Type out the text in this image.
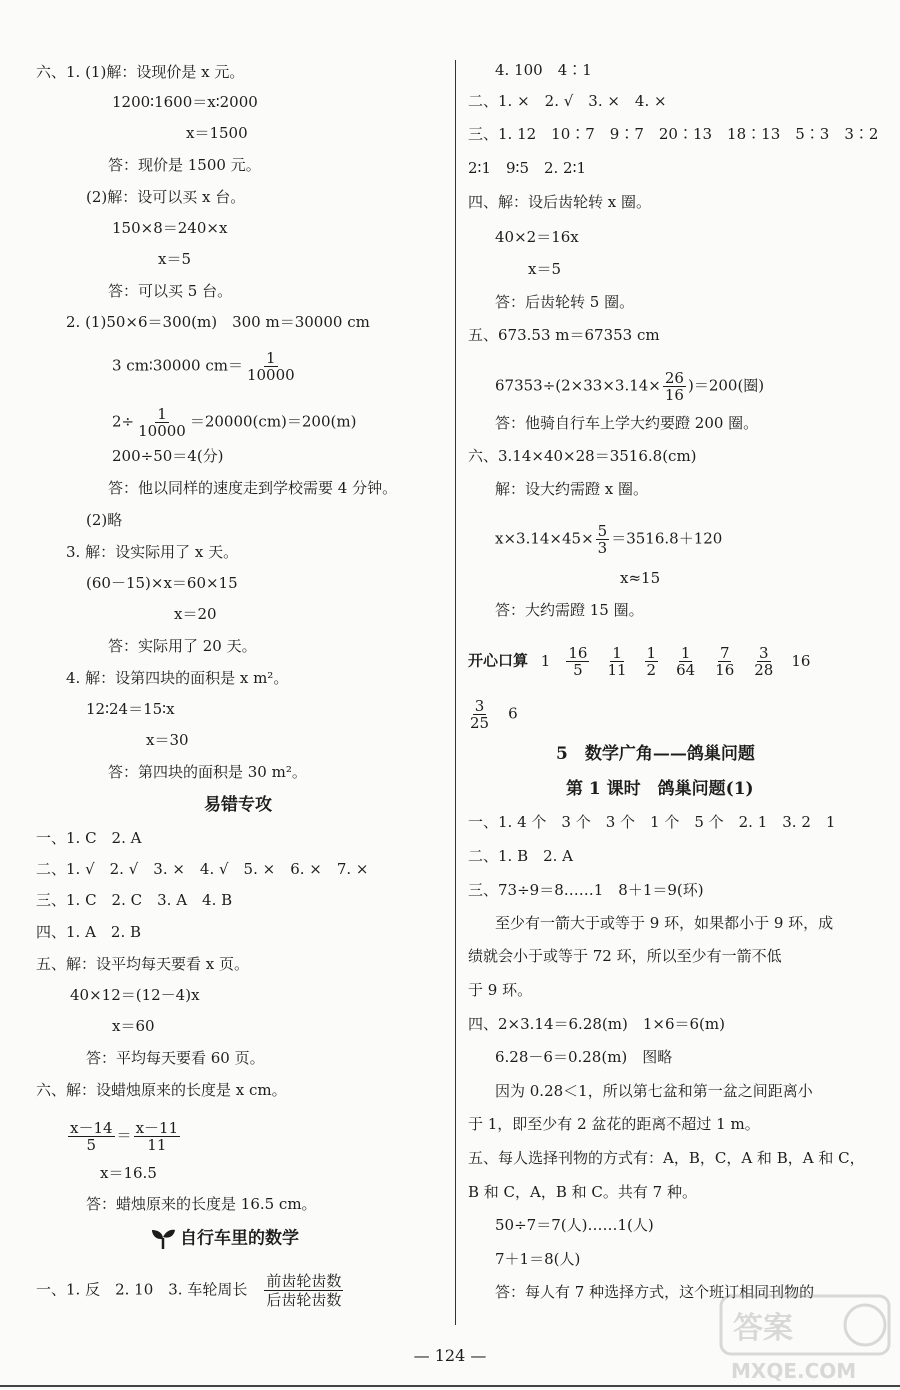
六、1. (1)解：设现价是 x 元。
1200∶1600＝x∶2000
x＝1500
答：现价是 1500 元。
(2)解：设可以买 x 台。
150×8＝240×x
x＝5
答：可以买 5 台。
2. (1)50×6＝300(m)　300 m＝30000 cm
3 cm∶30000 $cm= \frac{1}{10000}$
$2\div \frac{1}{10000} =20000(cm)=200(m)$
200÷50＝4(分)
答：他以同样的速度走到学校需要 4 分钟。
(2)略
3. 解：设实际用了 x 天。
(60－15)×x＝60×15
x＝20
答：实际用了 20 天。
4. 解：设第四块的面积是 x m²。
12∶24＝15∶x
x＝30
答：第四块的面积是 30 m²。
易错专攻
一、1. C　2. A
二、1. √　2. √　3. ×　4. √　5. ×　6. ×　7. ×
三、1. C　2. C　3. A　4. B
四、1. A　2. B
五、解：设平均每天要看 x 页。
40×12＝(12－4)x
x＝60
答：平均每天要看 60 页。
六、解：设蜡烛原来的长度是 x cm。
$\frac{x-14}{5} = \frac{x-11}{11}$
x＝16.5
答：蜡烛原来的长度是 16.5 cm。
自行车里的数学
一、1. 反　2. 10　3. 车轮周长　 $\frac{\text{前齿轮齿数}}{\text{后齿轮齿数}}$
4. 100　4∶1
二、1. ×　2. √　3. ×　4. ×
三、1. 12　10∶7　9∶7　20∶13　18∶13　5∶3　3∶2
2∶1　9∶5　2. 2∶1
四、解：设后齿轮转 x 圈。
40×2＝16x
x＝5
答：后齿轮转 5 圈。
五、673.53 m＝67353 cm
$67353\div(2\times 33\times 3.14\times \frac{26}{16} )=200$(圈)
答：他骑自行车上学大约要蹬 200 圈。
六、3.14×40×28＝3516.8(cm)
解：设大约需蹬 x 圈。
$x\times 3.14\times 45\times \frac{5}{3} =3516.8+120$
x≈15
答：大约需蹬 15 圈。
开心口算 $1 \frac{16}{5} \frac{1}{11} \frac{1}{2} \frac{1}{64} \frac{7}{16} \frac{3}{28} 16$
$\frac{3}{25}$
　 6
5　数学广角——鸽巢问题
第 1 课时　鸽巢问题(1)
一、1. 4 个　3 个　3 个　1 个　5 个　2. 1　3. 2　1
二、1. B　2. A
三、73÷9＝8……1　8＋1＝9(环)
至少有一箭大于或等于 9 环，如果都小于 9 环，成
绩就会小于或等于 72 环，所以至少有一箭不低
于 9 环。
四、2×3.14＝6.28(m)　1×6＝6(m)
6.28－6＝0.28(m)　图略
因为 0.28＜1，所以第七盆和第一盆之间距离小
于 1，即至少有 2 盆花的距离不超过 1 m。
五、每人选择刊物的方式有：A，B，C，A 和 B，A 和 C，
B 和 C，A，B 和 C。共有 7 种。
50÷7＝7(人)……1(人)
7＋1＝8(人)
答：每人有 7 种选择方式，这个班订相同刊物的
— 124 —
答案
MXQE.COM
